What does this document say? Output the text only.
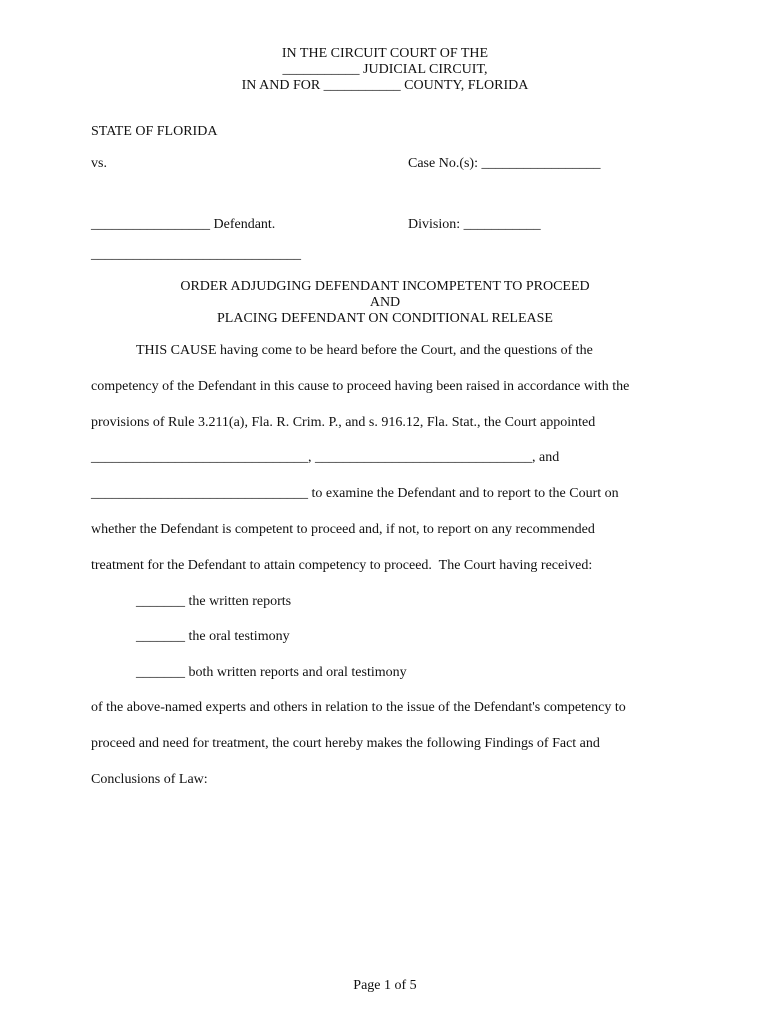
IN THE CIRCUIT COURT OF THE
___________ JUDICIAL CIRCUIT,
IN AND FOR ___________ COUNTY, FLORIDA
STATE OF FLORIDA
vs.	Case No.(s): _________________
_________________ Defendant.	Division: ___________
______________________________
ORDER ADJUDGING DEFENDANT INCOMPETENT TO PROCEED
AND
PLACING DEFENDANT ON CONDITIONAL RELEASE
THIS CAUSE having come to be heard before the Court, and the questions of the
competency of the Defendant in this cause to proceed having been raised in accordance with the
provisions of Rule 3.211(a), Fla. R. Crim. P., and s. 916.12, Fla. Stat., the Court appointed
_______________________________, _______________________________, and
_______________________________ to examine the Defendant and to report to the Court on
whether the Defendant is competent to proceed and, if not, to report on any recommended
treatment for the Defendant to attain competency to proceed.  The Court having received:
_______ the written reports
_______ the oral testimony
_______ both written reports and oral testimony
of the above-named experts and others in relation to the issue of the Defendant's competency to
proceed and need for treatment, the court hereby makes the following Findings of Fact and
Conclusions of Law:
Page 1 of 5
